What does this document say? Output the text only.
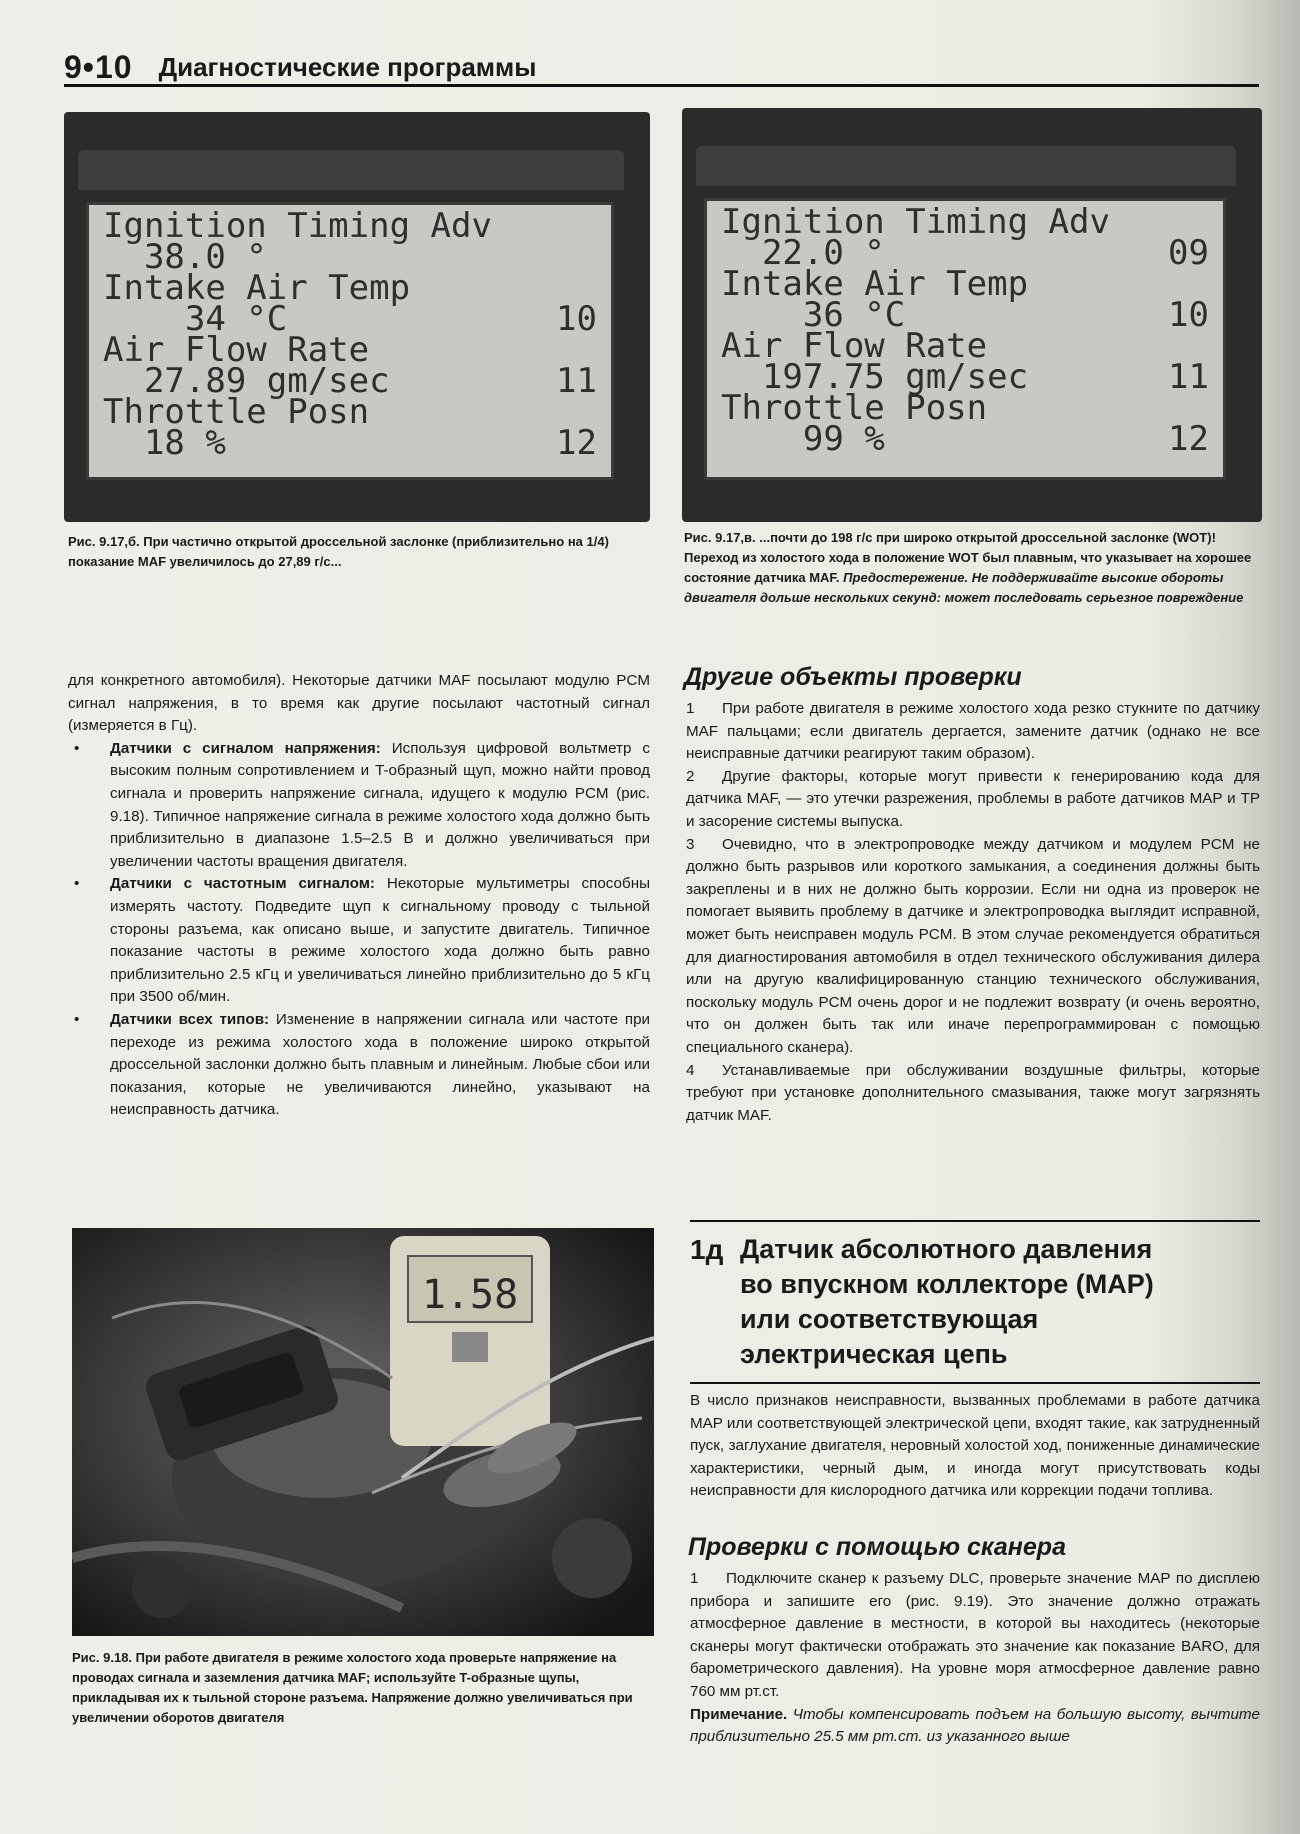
9•10 Диагностические программы
Ignition Timing Adv
38.0 °
Intake Air Temp
34 °C	10
Air Flow Rate
27.89 gm/sec	11
Throttle Posn
18 %	12
Рис. 9.17,б. При частично открытой дроссельной заслонке (приблизительно на 1/4) показание MAF увеличилось до 27,89 г/с...
Ignition Timing Adv
22.0 °	09
Intake Air Temp
36 °C	10
Air Flow Rate
197.75 gm/sec	11
Throttle Posn
99 %	12
Рис. 9.17,в. ...почти до 198 г/с при широко открытой дроссельной заслонке (WOT)! Переход из холостого хода в положение WOT был плавным, что указывает на хорошее состояние датчика MAF. Предостережение. Не поддерживайте высокие обороты двигателя дольше нескольких секунд: может последовать серьезное повреждение

для конкретного автомобиля). Некоторые датчики MAF посылают модулю PCM сигнал напряжения, в то время как другие посылают частотный сигнал (измеряется в Гц).

• Датчики с сигналом напряжения: Используя цифровой вольтметр с высоким полным сопротивлением и T-образный щуп, можно найти провод сигнала и проверить напряжение сигнала, идущего к модулю PCM (рис. 9.18). Типичное напряжение сигнала в режиме холостого хода должно быть приблизительно в диапазоне 1.5–2.5 В и должно увеличиваться при увеличении частоты вращения двигателя.
• Датчики с частотным сигналом: Некоторые мультиметры способны измерять частоту. Подведите щуп к сигнальному проводу с тыльной стороны разъема, как описано выше, и запустите двигатель. Типичное показание частоты в режиме холостого хода должно быть равно приблизительно 2.5 кГц и увеличиваться линейно приблизительно до 5 кГц при 3500 об/мин.
• Датчики всех типов: Изменение в напряжении сигнала или частоте при переходе из режима холостого хода в положение широко открытой дроссельной заслонки должно быть плавным и линейным. Любые сбои или показания, которые не увеличиваются линейно, указывают на неисправность датчика.
Другие объекты проверки

1 При работе двигателя в режиме холостого хода резко стукните по датчику MAF пальцами; если двигатель дергается, замените датчик (однако не все неисправные датчики реагируют таким образом).

2 Другие факторы, которые могут привести к генерированию кода для датчика MAF, — это утечки разрежения, проблемы в работе датчиков MAP и TP и засорение системы выпуска.

3 Очевидно, что в электропроводке между датчиком и модулем PCM не должно быть разрывов или короткого замыкания, а соединения должны быть закреплены и в них не должно быть коррозии. Если ни одна из проверок не помогает выявить проблему в датчике и электропроводка выглядит исправной, может быть неисправен модуль PCM. В этом случае рекомендуется обратиться для диагностирования автомобиля в отдел технического обслуживания дилера или на другую квалифицированную станцию технического обслуживания, поскольку модуль PCM очень дорог и не подлежит возврату (и очень вероятно, что он должен быть так или иначе перепрограммирован с помощью специального сканера).

4 Устанавливаемые при обслуживании воздушные фильтры, которые требуют при установке дополнительного смазывания, также могут загрязнять датчик MAF.

1.58
Рис. 9.18. При работе двигателя в режиме холостого хода проверьте напряжение на проводах сигнала и заземления датчика MAF; используйте T-образные щупы, прикладывая их к тыльной стороне разъема. Напряжение должно увеличиваться при увеличении оборотов двигателя
1д Датчик абсолютного давления
во впускном коллекторе (MAP)
или соответствующая
электрическая цепь
В число признаков неисправности, вызванных проблемами в работе датчика MAP или соответствующей электрической цепи, входят такие, как затрудненный пуск, заглухание двигателя, неровный холостой ход, пониженные динамические характеристики, черный дым, и иногда могут присутствовать коды неисправности для кислородного датчика или коррекции подачи топлива.
Проверки с помощью сканера

1 Подключите сканер к разъему DLC, проверьте значение MAP по дисплею прибора и запишите его (рис. 9.19). Это значение должно отражать атмосферное давление в местности, в которой вы находитесь (некоторые сканеры могут фактически отображать это значение как показание BARO, для барометрического давления). На уровне моря атмосферное давление равно 760 мм рт.ст.

Примечание. Чтобы компенсировать подъем на большую высоту, вычтите приблизительно 25.5 мм рт.ст. из указанного выше
